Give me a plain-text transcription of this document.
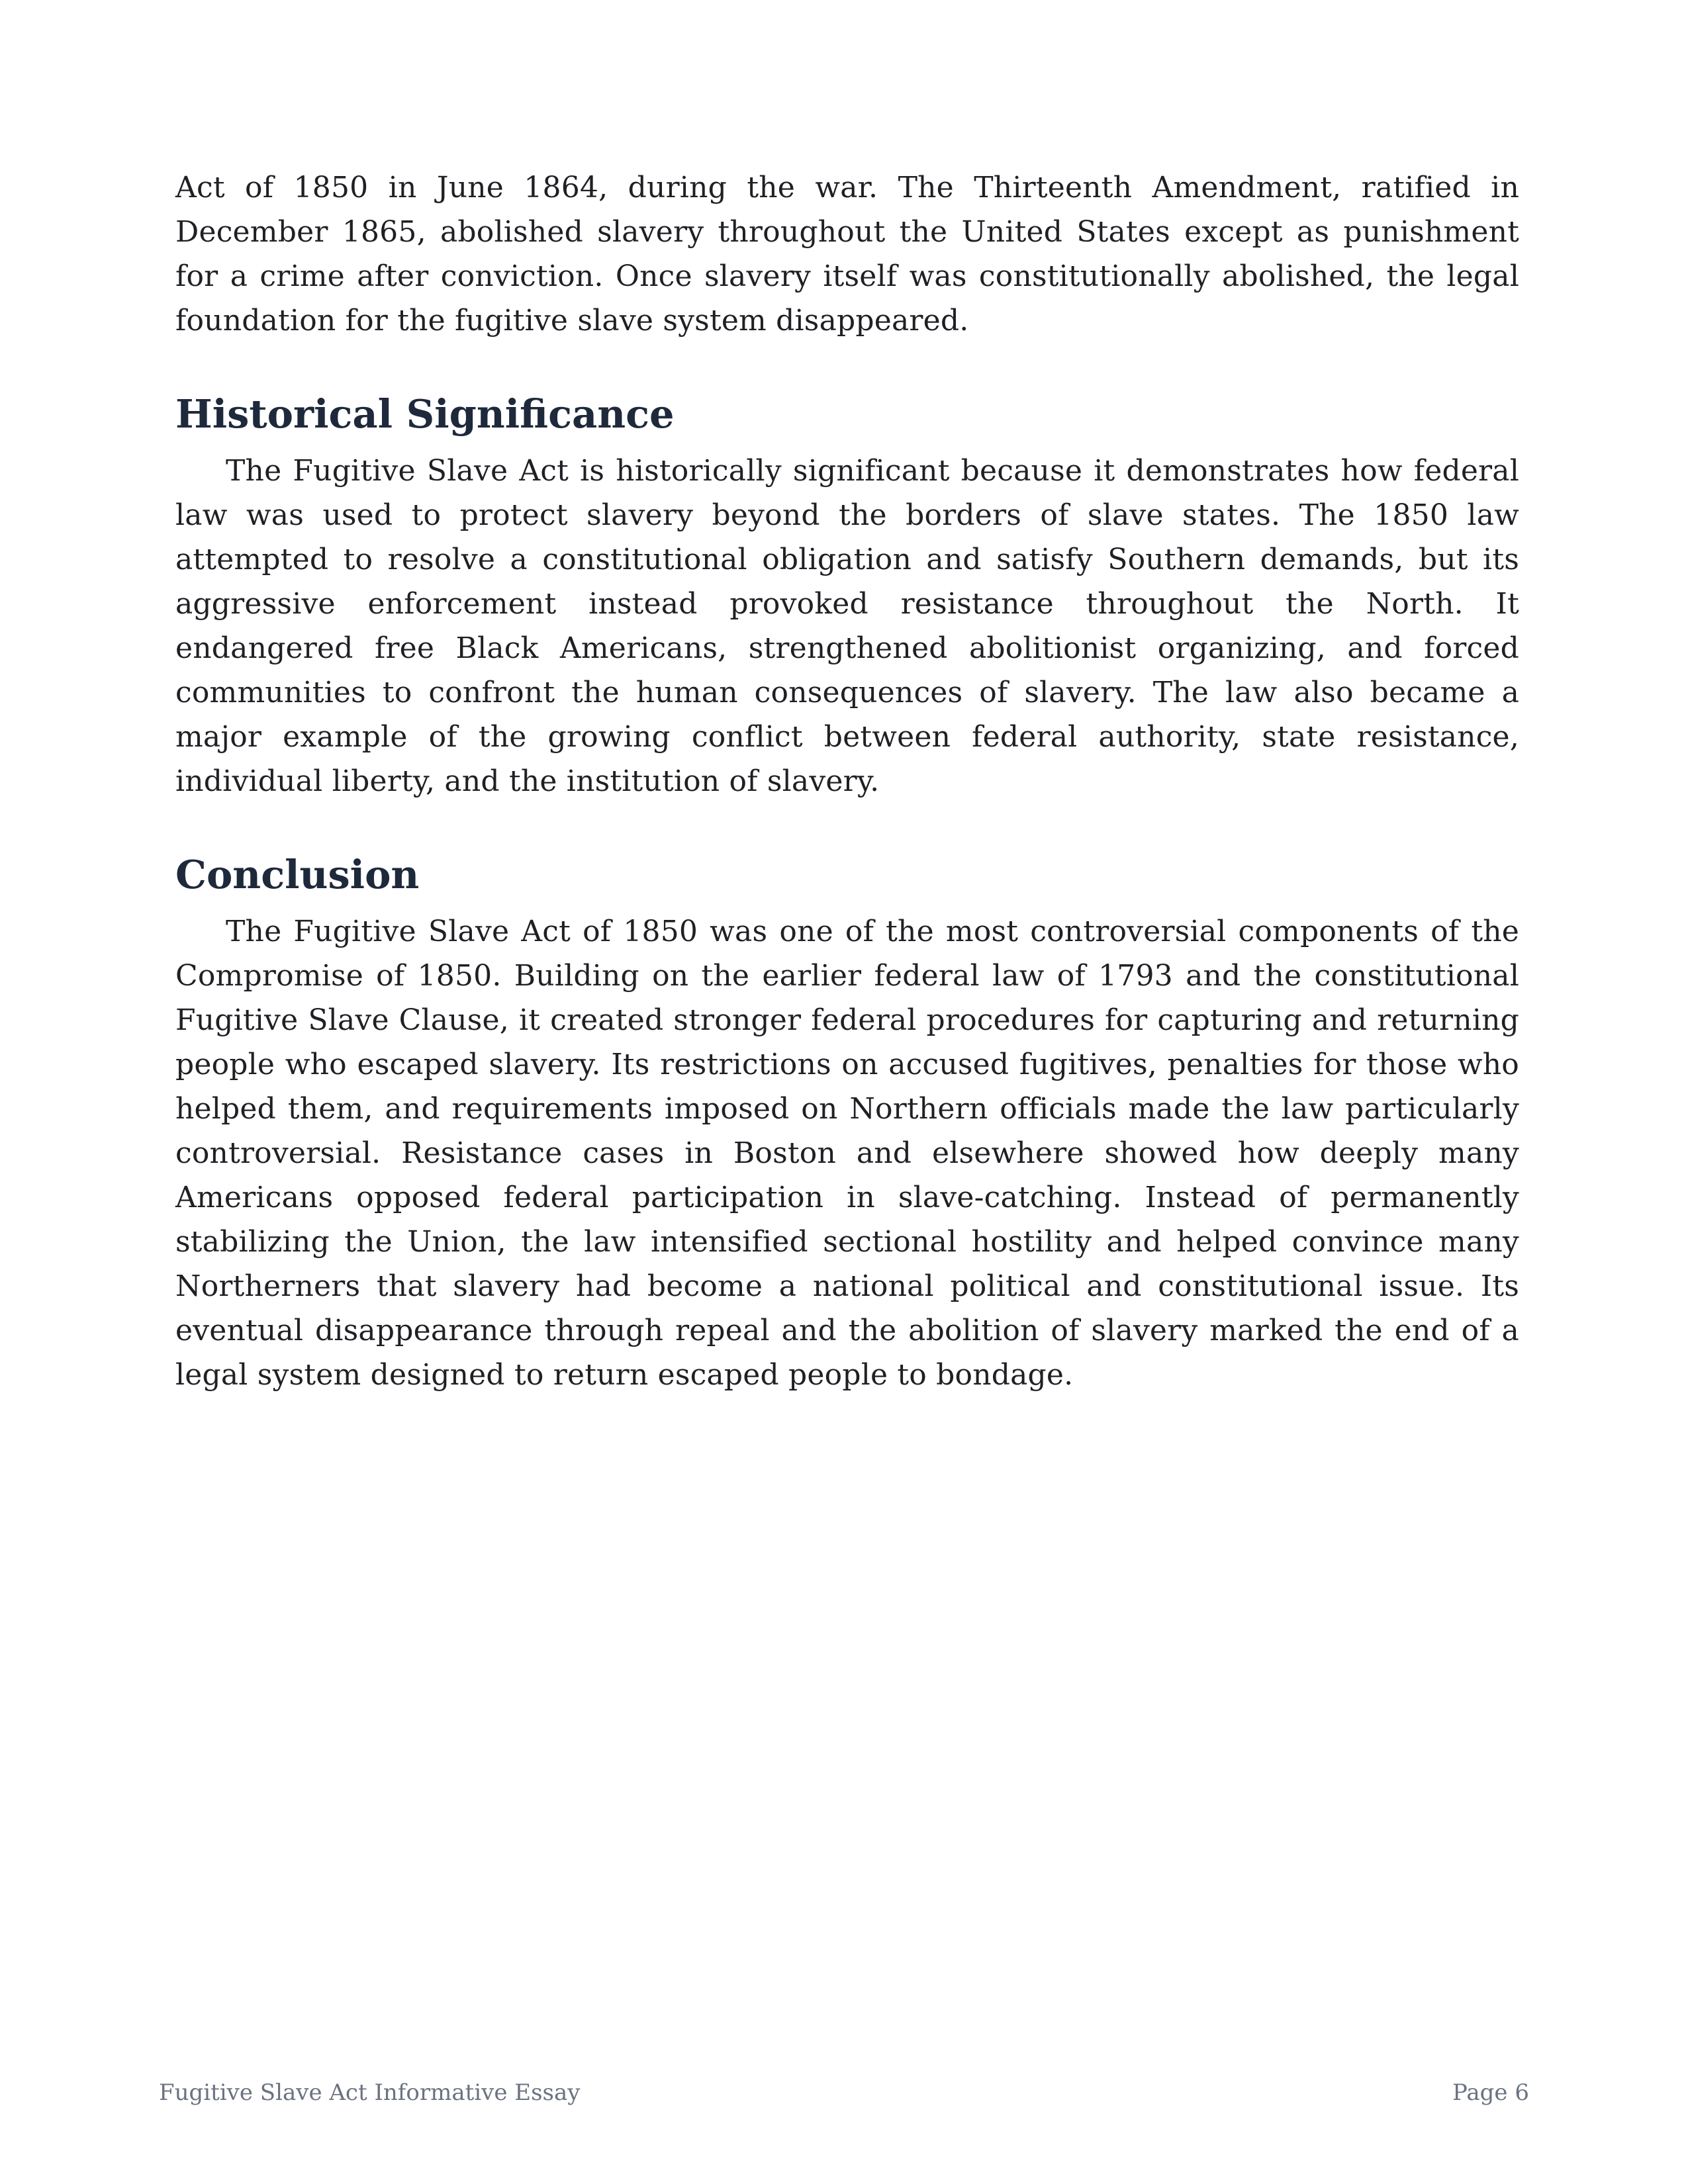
Act of 1850 in June 1864, during the war. The Thirteenth Amendment, ratified in December 1865, abolished slavery throughout the United States except as punishment for a crime after conviction. Once slavery itself was constitutionally abolished, the legal foundation for the fugitive slave system disappeared.

Historical Significance

The Fugitive Slave Act is historically significant because it demonstrates how federal law was used to protect slavery beyond the borders of slave states. The 1850 law attempted to resolve a constitutional obligation and satisfy Southern demands, but its aggressive enforcement instead provoked resistance throughout the North. It endangered free Black Americans, strengthened abolitionist organizing, and forced communities to confront the human consequences of slavery. The law also became a major example of the growing conflict between federal authority, state resistance, individual liberty, and the institution of slavery.

Conclusion

The Fugitive Slave Act of 1850 was one of the most controversial components of the Compromise of 1850. Building on the earlier federal law of 1793 and the constitutional Fugitive Slave Clause, it created stronger federal procedures for capturing and returning people who escaped slavery. Its restrictions on accused fugitives, penalties for those who helped them, and requirements imposed on Northern officials made the law particularly controversial. Resistance cases in Boston and elsewhere showed how deeply many Americans opposed federal participation in slave-catching. Instead of permanently stabilizing the Union, the law intensified sectional hostility and helped convince many Northerners that slavery had become a national political and constitutional issue. Its eventual disappearance through repeal and the abolition of slavery marked the end of a legal system designed to return escaped people to bondage.

Fugitive Slave Act Informative Essay	Page 6
